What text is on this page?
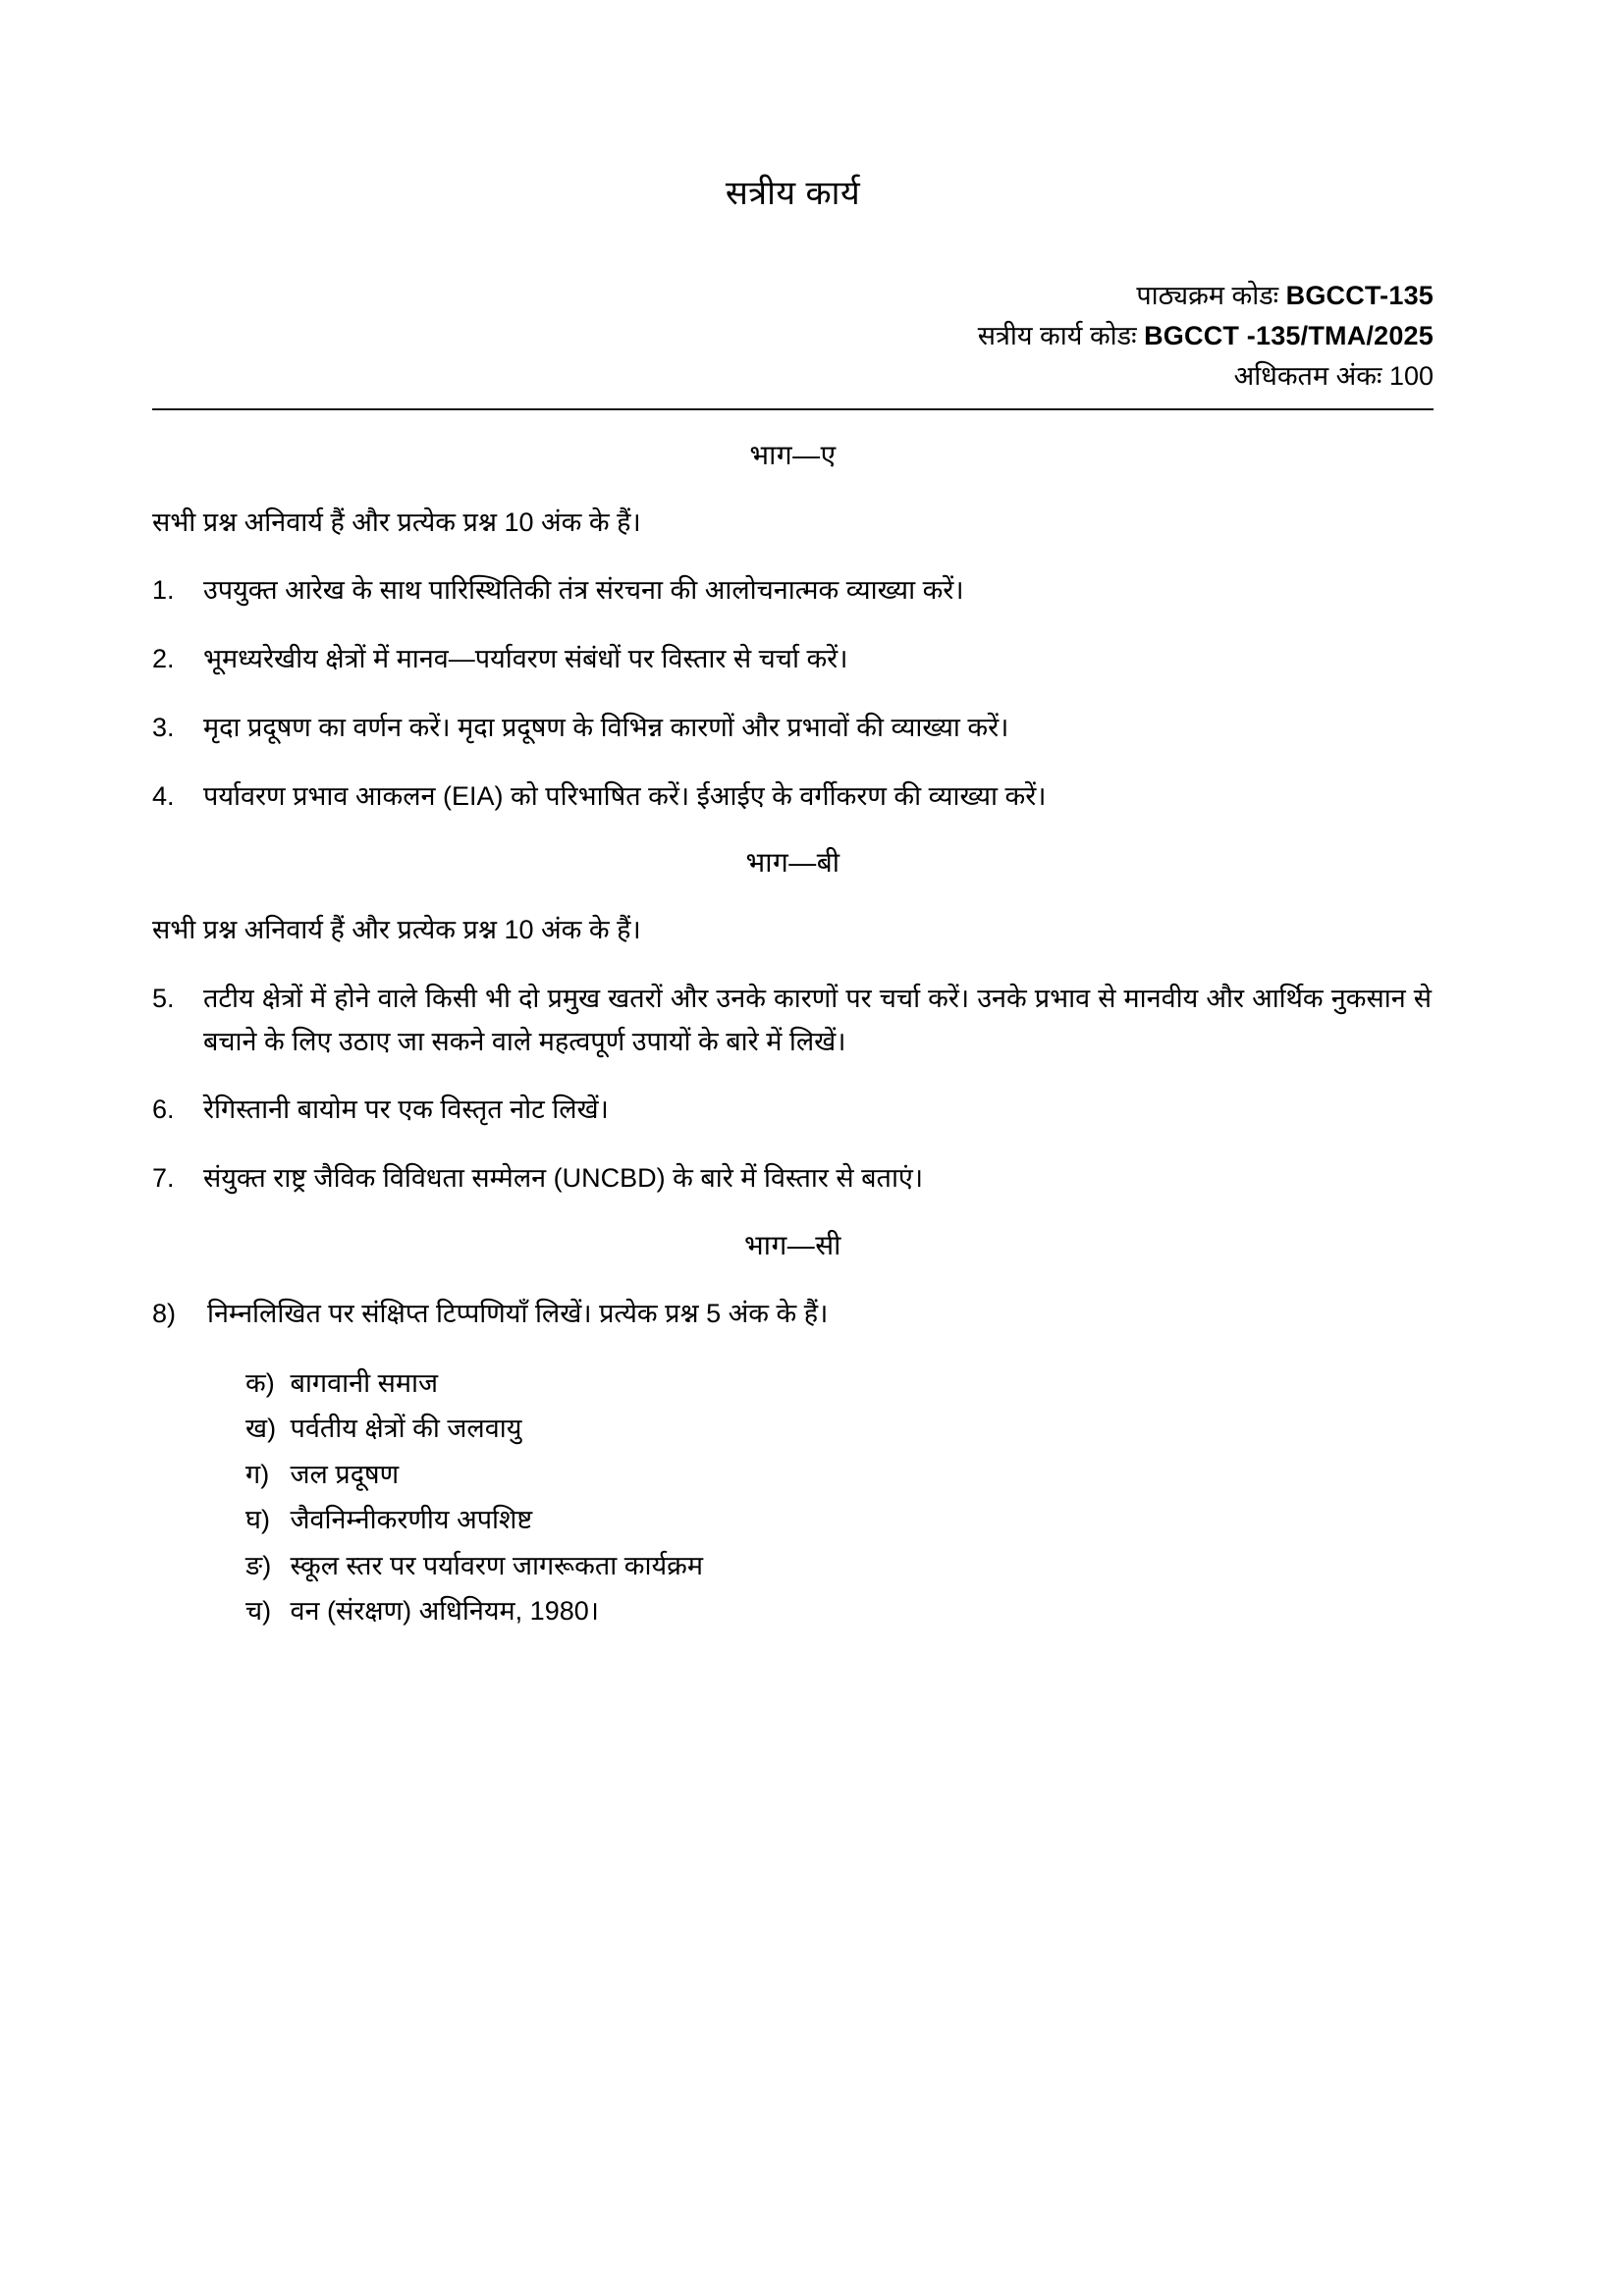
सत्रीय कार्य
पाठ्यक्रम कोडः BGCCT-135
सत्रीय कार्य कोडः BGCCT -135/TMA/2025
अधिकतम अंकः 100
भाग—ए
सभी प्रश्न अनिवार्य हैं और प्रत्येक प्रश्न 10 अंक के हैं।
1.	उपयुक्त आरेख के साथ पारिस्थितिकी तंत्र संरचना की आलोचनात्मक व्याख्या करें।
2.	भूमध्यरेखीय क्षेत्रों में मानव—पर्यावरण संबंधों पर विस्तार से चर्चा करें।
3.	मृदा प्रदूषण का वर्णन करें। मृदा प्रदूषण के विभिन्न कारणों और प्रभावों की व्याख्या करें।
4.	पर्यावरण प्रभाव आकलन (EIA) को परिभाषित करें। ईआईए के वर्गीकरण की व्याख्या करें।
भाग—बी
सभी प्रश्न अनिवार्य हैं और प्रत्येक प्रश्न 10 अंक के हैं।
5.	तटीय क्षेत्रों में होने वाले किसी भी दो प्रमुख खतरों और उनके कारणों पर चर्चा करें। उनके प्रभाव से मानवीय और आर्थिक नुकसान से बचाने के लिए उठाए जा सकने वाले महत्वपूर्ण उपायों के बारे में लिखें।
6.	रेगिस्तानी बायोम पर एक विस्तृत नोट लिखें।
7.	संयुक्त राष्ट्र जैविक विविधता सम्मेलन (UNCBD) के बारे में विस्तार से बताएं।
भाग—सी
8)	निम्नलिखित पर संक्षिप्त टिप्पणियाँ लिखें। प्रत्येक प्रश्न 5 अंक के हैं।
क) बागवानी समाज
ख) पर्वतीय क्षेत्रों की जलवायु
ग) जल प्रदूषण
घ) जैवनिम्नीकरणीय अपशिष्ट
ङ) स्कूल स्तर पर पर्यावरण जागरूकता कार्यक्रम
च) वन (संरक्षण) अधिनियम, 1980।
